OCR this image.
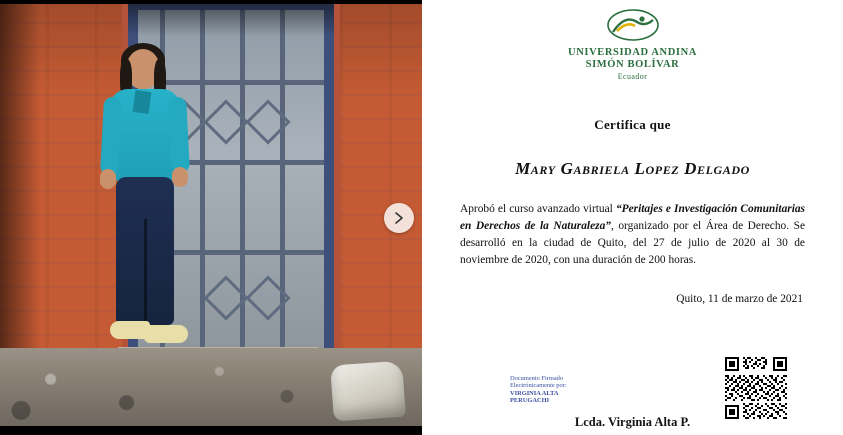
UNIVERSIDAD ANDINA
SIMÓN BOLÍVAR
Ecuador
Certifica que
Mary Gabriela Lopez Delgado
Aprobó el curso avanzado virtual “Peritajes e Investigación Comunitarias en Derechos de la Naturaleza”, organizado por el Área de Derecho. Se desarrolló en la ciudad de Quito, del 27 de julio de 2020 al 30 de noviembre de 2020, con una duración de 200 horas.
Quito, 11 de marzo de 2021
Documento Firmado
Electrónicamente por:
VIRGINIA ALTA
PERUGACHI
Lcda. Virginia Alta P.
